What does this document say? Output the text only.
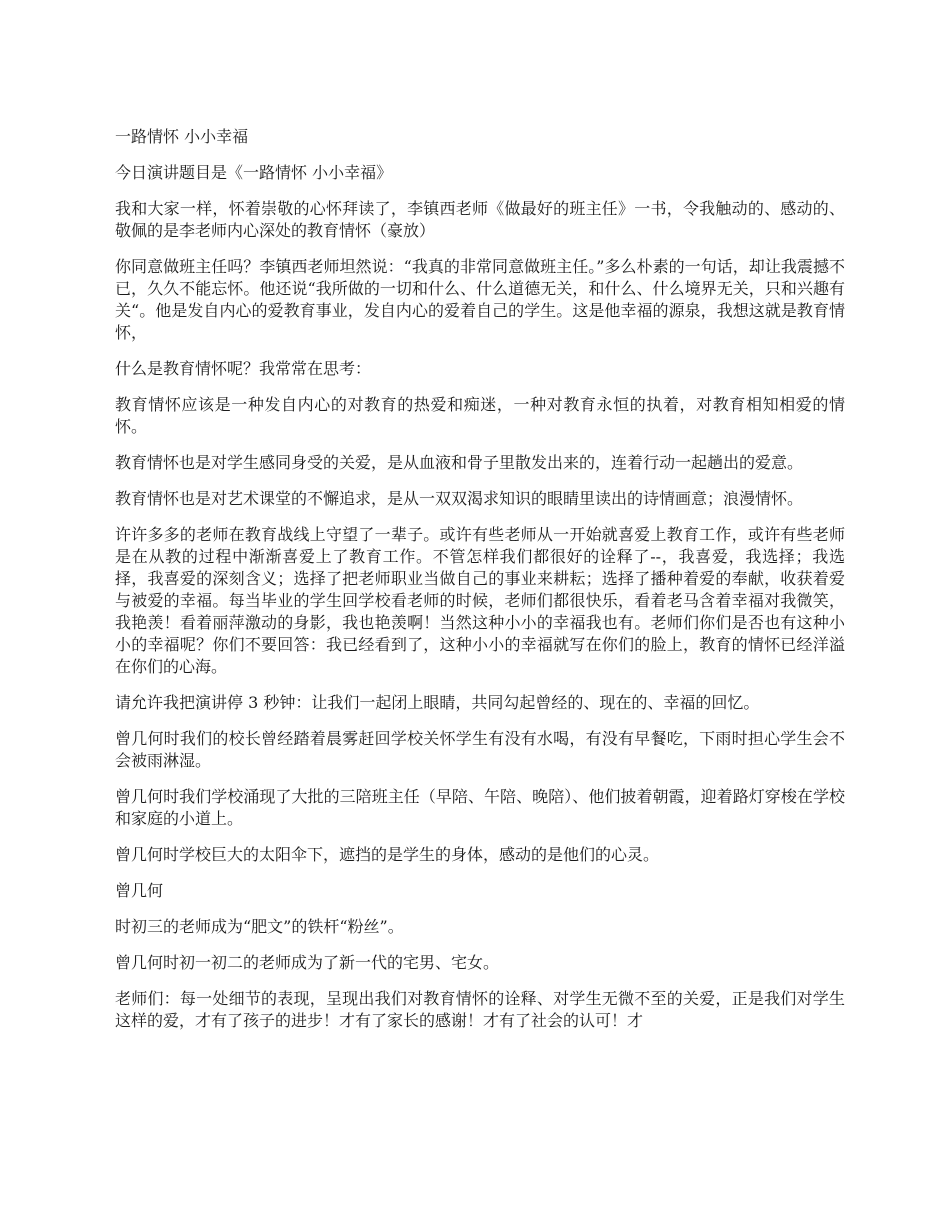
一路情怀 小小幸福

今日演讲题目是《一路情怀 小小幸福》

我和大家一样，怀着崇敬的心怀拜读了，李镇西老师《做最好的班主任》一书，令我触动的、感动的、敬佩的是李老师内心深处的教育情怀（豪放）

你同意做班主任吗？李镇西老师坦然说：“我真的非常同意做班主任。”多么朴素的一句话，却让我震撼不已，久久不能忘怀。他还说“我所做的一切和什么、什么道德无关，和什么、什么境界无关，只和兴趣有关“。他是发自内心的爱教育事业，发自内心的爱着自己的学生。这是他幸福的源泉，我想这就是教育情怀，

什么是教育情怀呢？我常常在思考：

教育情怀应该是一种发自内心的对教育的热爱和痴迷，一种对教育永恒的执着，对教育相知相爱的情怀。

教育情怀也是对学生感同身受的关爱，是从血液和骨子里散发出来的，连着行动一起趟出的爱意。

教育情怀也是对艺术课堂的不懈追求，是从一双双渴求知识的眼睛里读出的诗情画意；浪漫情怀。

许许多多的老师在教育战线上守望了一辈子。或许有些老师从一开始就喜爱上教育工作，或许有些老师是在从教的过程中渐渐喜爱上了教育工作。不管怎样我们都很好的诠释了--，我喜爱，我选择；我选择，我喜爱的深刻含义；选择了把老师职业当做自己的事业来耕耘；选择了播种着爱的奉献，收获着爱与被爱的幸福。每当毕业的学生回学校看老师的时候，老师们都很快乐，看着老马含着幸福对我微笑，我艳羡！看着丽萍激动的身影，我也艳羡啊！当然这种小小的幸福我也有。老师们你们是否也有这种小小的幸福呢？你们不要回答：我已经看到了，这种小小的幸福就写在你们的脸上，教育的情怀已经洋溢在你们的心海。

请允许我把演讲停 3 秒钟：让我们一起闭上眼睛，共同勾起曾经的、现在的、幸福的回忆。

曾几何时我们的校长曾经踏着晨雾赶回学校关怀学生有没有水喝，有没有早餐吃，下雨时担心学生会不会被雨淋湿。

曾几何时我们学校涌现了大批的三陪班主任（早陪、午陪、晚陪）、他们披着朝霞，迎着路灯穿梭在学校和家庭的小道上。

曾几何时学校巨大的太阳伞下，遮挡的是学生的身体，感动的是他们的心灵。

曾几何

时初三的老师成为“肥文”的铁杆“粉丝”。

曾几何时初一初二的老师成为了新一代的宅男、宅女。

老师们：每一处细节的表现，呈现出我们对教育情怀的诠释、对学生无微不至的关爱，正是我们对学生这样的爱，才有了孩子的进步！才有了家长的感谢！才有了社会的认可！才
